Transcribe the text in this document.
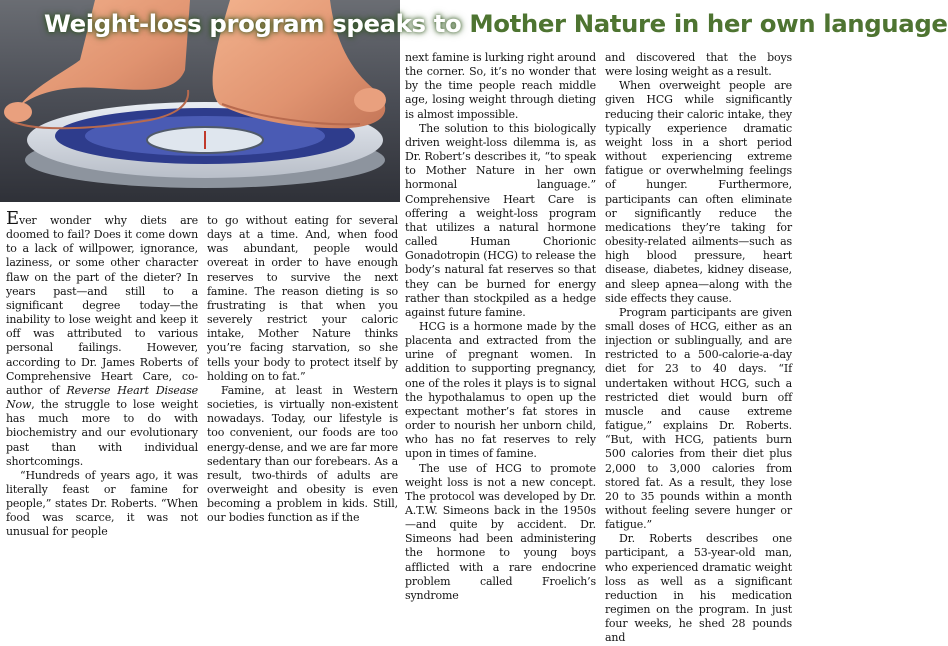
Weight-loss program speaks to Mother Nature in her own language

Ever wonder why diets are doomed to fail? Does it come down to a lack of willpower, ignorance, laziness, or some other character flaw on the part of the dieter? In years past—and still to a significant degree today—the inability to lose weight and keep it off was attributed to various personal failings. However, according to Dr. James Roberts of Comprehensive Heart Care, co-author of Reverse Heart Disease Now, the struggle to lose weight has much more to do with biochemistry and our evolutionary past than with individual shortcomings.

“Hundreds of years ago, it was literally feast or famine for people,” states Dr. Roberts. “When food was scarce, it was not unusual for people

to go without eating for several days at a time. And, when food was abundant, people would overeat in order to have enough reserves to survive the next famine. The reason dieting is so frustrating is that when you severely restrict your caloric intake, Mother Nature thinks you’re facing starvation, so she tells your body to protect itself by holding on to fat.”

Famine, at least in Western societies, is virtually non-existent nowadays. Today, our lifestyle is too convenient, our foods are too energy-dense, and we are far more sedentary than our forebears. As a result, two-thirds of adults are overweight and obesity is even becoming a problem in kids. Still, our bodies function as if the

next famine is lurking right around the corner. So, it’s no wonder that by the time people reach middle age, losing weight through dieting is almost impossible.

The solution to this biologically driven weight-loss dilemma is, as Dr. Robert’s describes it, “to speak to Mother Nature in her own hormonal language.” Comprehensive Heart Care is offering a weight-loss program that utilizes a natural hormone called Human Chorionic Gonadotropin (HCG) to release the body’s natural fat reserves so that they can be burned for energy rather than stockpiled as a hedge against future famine.

HCG is a hormone made by the placenta and extracted from the urine of pregnant women. In addition to supporting pregnancy, one of the roles it plays is to signal the hypothalamus to open up the expectant mother’s fat stores in order to nourish her unborn child, who has no fat reserves to rely upon in times of famine.

The use of HCG to promote weight loss is not a new concept. The protocol was developed by Dr. A.T.W. Simeons back in the 1950s—and quite by accident. Dr. Simeons had been administering the hormone to young boys afflicted with a rare endocrine problem called Froelich’s syndrome

and discovered that the boys were losing weight as a result.

When overweight people are given HCG while significantly reducing their caloric intake, they typically experience dramatic weight loss in a short period without experiencing extreme fatigue or overwhelming feelings of hunger. Furthermore, participants can often eliminate or significantly reduce the medications they’re taking for obesity-related ailments—such as high blood pressure, heart disease, diabetes, kidney disease, and sleep apnea—along with the side effects they cause.

Program participants are given small doses of HCG, either as an injection or sublingually, and are restricted to a 500-calorie-a-day diet for 23 to 40 days. “If undertaken without HCG, such a restricted diet would burn off muscle and cause extreme fatigue,” explains Dr. Roberts. “But, with HCG, patients burn 500 calories from their diet plus 2,000 to 3,000 calories from stored fat. As a result, they lose 20 to 35 pounds within a month without feeling severe hunger or fatigue.”

Dr. Roberts describes one participant, a 53-year-old man, who experienced dramatic weight loss as well as a significant reduction in his medication regimen on the program. In just four weeks, he shed 28 pounds and
